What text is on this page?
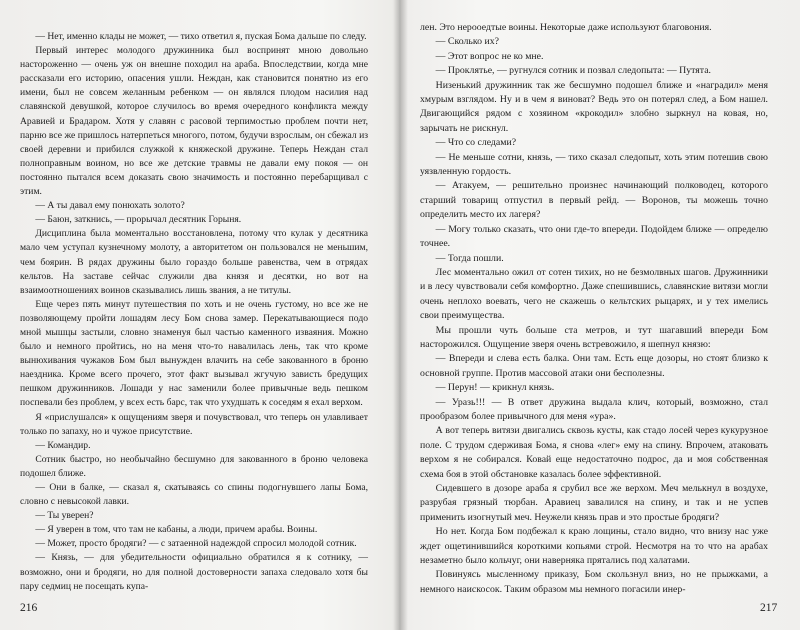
— Нет, именно клады не может, — тихо ответил я, пуская Бома дальше по следу.

Первый интерес молодого дружинника был воспринят мною довольно настороженно — очень уж он внешне походил на араба. Впоследствии, когда мне рассказали его историю, опасения ушли. Неждан, как становится понятно из его имени, был не совсем желанным ребенком — он являлся плодом насилия над славянской девушкой, которое случилось во время очередного конфликта между Аравией и Брадаром. Хотя у славян с расовой терпимостью проблем почти нет, парню все же пришлось натерпеться многого, потом, будучи взрослым, он сбежал из своей деревни и прибился служкой к княжеской дружине. Теперь Неждан стал полноправным воином, но все же детские травмы не давали ему покоя — он постоянно пытался всем доказать свою значимость и постоянно перебарщивал с этим.

— А ты давал ему понюхать золото?

— Баюн, заткнись, — прорычал десятник Горыня.

Дисциплина была моментально восстановлена, потому что кулак у десятника мало чем уступал кузнечному молоту, а авторитетом он пользовался не меньшим, чем боярин. В рядах дружины было гораздо больше равенства, чем в отрядах кельтов. На заставе сейчас служили два князя и десятки, но вот на взаимоотношениях воинов сказывались лишь звания, а не титулы.

Еще через пять минут путешествия по хоть и не очень густому, но все же не позволяющему пройти лошадям лесу Бом снова замер. Перекатывающиеся подо мной мышцы застыли, словно знаменуя был частью каменного изваяния. Можно было и немного пройтись, но на меня что-то навалилась лень, так что кроме вынюхивания чужаков Бом был вынужден влачить на себе закованного в броню наездника. Кроме всего прочего, этот факт вызывал жгучую зависть бредущих пешком дружинников. Лошади у нас заменили более привычные ведь пешком поспевали без проблем, у всех есть барс, так что ухудшать к соседям я ехал верхом.

Я «прислушался» к ощущениям зверя и почувствовал, что теперь он улавливает только по запаху, но и чужое присутствие.

— Командир.

Сотник быстро, но необычайно бесшумно для закованного в броню человека подошел ближе.

— Они в балке, — сказал я, скатываясь со спины подогнувшего лапы Бома, словно с невысокой лавки.

— Ты уверен?

— Я уверен в том, что там не кабаны, а люди, причем арабы. Воины.

— Может, просто бродяги? — с затаенной надеждой спросил молодой сотник.

— Князь, — для убедительности официально обратился я к сотнику, — возможно, они и бродяги, но для полной достоверности запаха следовало хотя бы пару седмиц не посещать купа-

216

лен. Это нерооедтые воины. Некоторые даже используют благовония.

— Сколько их?

— Этот вопрос не ко мне.

— Проклятье, — ругнулся сотник и позвал следопыта: — Путята.

Низенький дружинник так же бесшумно подошел ближе и «наградил» меня хмурым взглядом. Ну и в чем я виноват? Ведь это он потерял след, а Бом нашел. Двигающийся рядом с хозяином «крокодил» злобно зыркнул на ковая, но, зарычать не рискнул.

— Что со следами?

— Не меньше сотни, князь, — тихо сказал следопыт, хоть этим потешив свою уязвленную гордость.

— Атакуем, — решительно произнес начинающий полководец, которого старший товарищ отпустил в первый рейд. — Воронов, ты можешь точно определить место их лагеря?

— Могу только сказать, что они где-то впереди. Подойдем ближе — определю точнее.

— Тогда пошли.

Лес моментально ожил от сотен тихих, но не безмолвных шагов. Дружинники и в лесу чувствовали себя комфортно. Даже спешившись, славянские витязи могли очень неплохо воевать, чего не скажешь о кельтских рыцарях, и у тех имелись свои преимущества.

Мы прошли чуть больше ста метров, и тут шагавший впереди Бом насторожился. Ощущение зверя очень встревожило, я шепнул князю:

— Впереди и слева есть балка. Они там. Есть еще дозоры, но стоят близко к основной группе. Против массовой атаки они бесполезны.

— Перун! — крикнул князь.

— Уразь!!! — В ответ дружина выдала клич, который, возможно, стал прообразом более привычного для меня «ура».

А вот теперь витязи двигались сквозь кусты, как стадо лосей через кукурузное поле. С трудом сдерживая Бома, я снова «лег» ему на спину. Впрочем, атаковать верхом я не собирался. Ковай еще недостаточно подрос, да и моя собственная схема боя в этой обстановке казалась более эффективной.

Сидевшего в дозоре араба я срубил все же верхом. Меч мелькнул в воздухе, разрубая грязный тюрбан. Аравиец завалился на спину, и так и не успев применить изогнутый меч. Неужели князь прав и это простые бродяги?

Но нет. Когда Бом подбежал к краю лощины, стало видно, что внизу нас уже ждет ощетинившийся короткими копьями строй. Несмотря на то что на арабах незаметно было кольчуг, они наверняка прятались под халатами.

Повинуясь мысленному приказу, Бом скользнул вниз, но не прыжками, а немного наискосок. Таким образом мы немного погасили инер-

217
